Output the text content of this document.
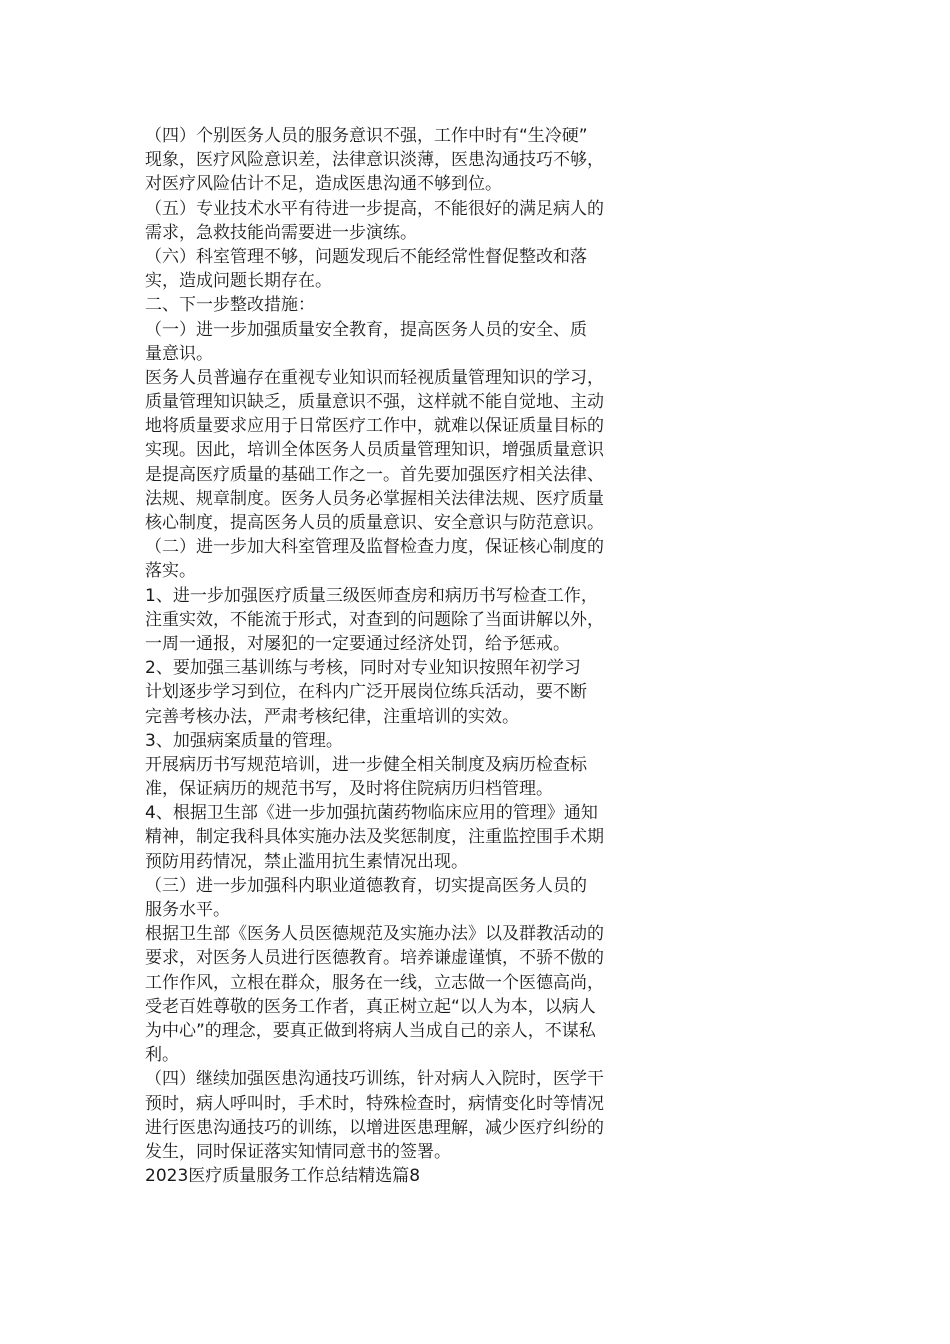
（四）个别医务人员的服务意识不强，工作中时有“生冷硬”
现象，医疗风险意识差，法律意识淡薄，医患沟通技巧不够，
对医疗风险估计不足，造成医患沟通不够到位。
（五）专业技术水平有待进一步提高，不能很好的满足病人的
需求，急救技能尚需要进一步演练。
（六）科室管理不够，问题发现后不能经常性督促整改和落
实，造成问题长期存在。
二、下一步整改措施：
（一）进一步加强质量安全教育，提高医务人员的安全、质
量意识。
医务人员普遍存在重视专业知识而轻视质量管理知识的学习，
质量管理知识缺乏，质量意识不强，这样就不能自觉地、主动
地将质量要求应用于日常医疗工作中，就难以保证质量目标的
实现。因此，培训全体医务人员质量管理知识，增强质量意识
是提高医疗质量的基础工作之一。首先要加强医疗相关法律、
法规、规章制度。医务人员务必掌握相关法律法规、医疗质量
核心制度，提高医务人员的质量意识、安全意识与防范意识。
（二）进一步加大科室管理及监督检查力度，保证核心制度的
落实。
1、进一步加强医疗质量三级医师查房和病历书写检查工作，
注重实效，不能流于形式，对查到的问题除了当面讲解以外，
一周一通报，对屡犯的一定要通过经济处罚，给予惩戒。
2、要加强三基训练与考核，同时对专业知识按照年初学习
计划逐步学习到位，在科内广泛开展岗位练兵活动，要不断
完善考核办法，严肃考核纪律，注重培训的实效。
3、加强病案质量的管理。
开展病历书写规范培训，进一步健全相关制度及病历检查标
准，保证病历的规范书写，及时将住院病历归档管理。
4、根据卫生部《进一步加强抗菌药物临床应用的管理》通知
精神，制定我科具体实施办法及奖惩制度，注重监控围手术期
预防用药情况，禁止滥用抗生素情况出现。
（三）进一步加强科内职业道德教育，切实提高医务人员的
服务水平。
根据卫生部《医务人员医德规范及实施办法》以及群教活动的
要求，对医务人员进行医德教育。培养谦虚谨慎，不骄不傲的
工作作风，立根在群众，服务在一线，立志做一个医德高尚，
受老百姓尊敬的医务工作者，真正树立起“以人为本，以病人
为中心”的理念，要真正做到将病人当成自己的亲人，不谋私
利。
（四）继续加强医患沟通技巧训练，针对病人入院时，医学干
预时，病人呼叫时，手术时，特殊检查时，病情变化时等情况
进行医患沟通技巧的训练，以增进医患理解，减少医疗纠纷的
发生，同时保证落实知情同意书的签署。
2023医疗质量服务工作总结精选篇8
